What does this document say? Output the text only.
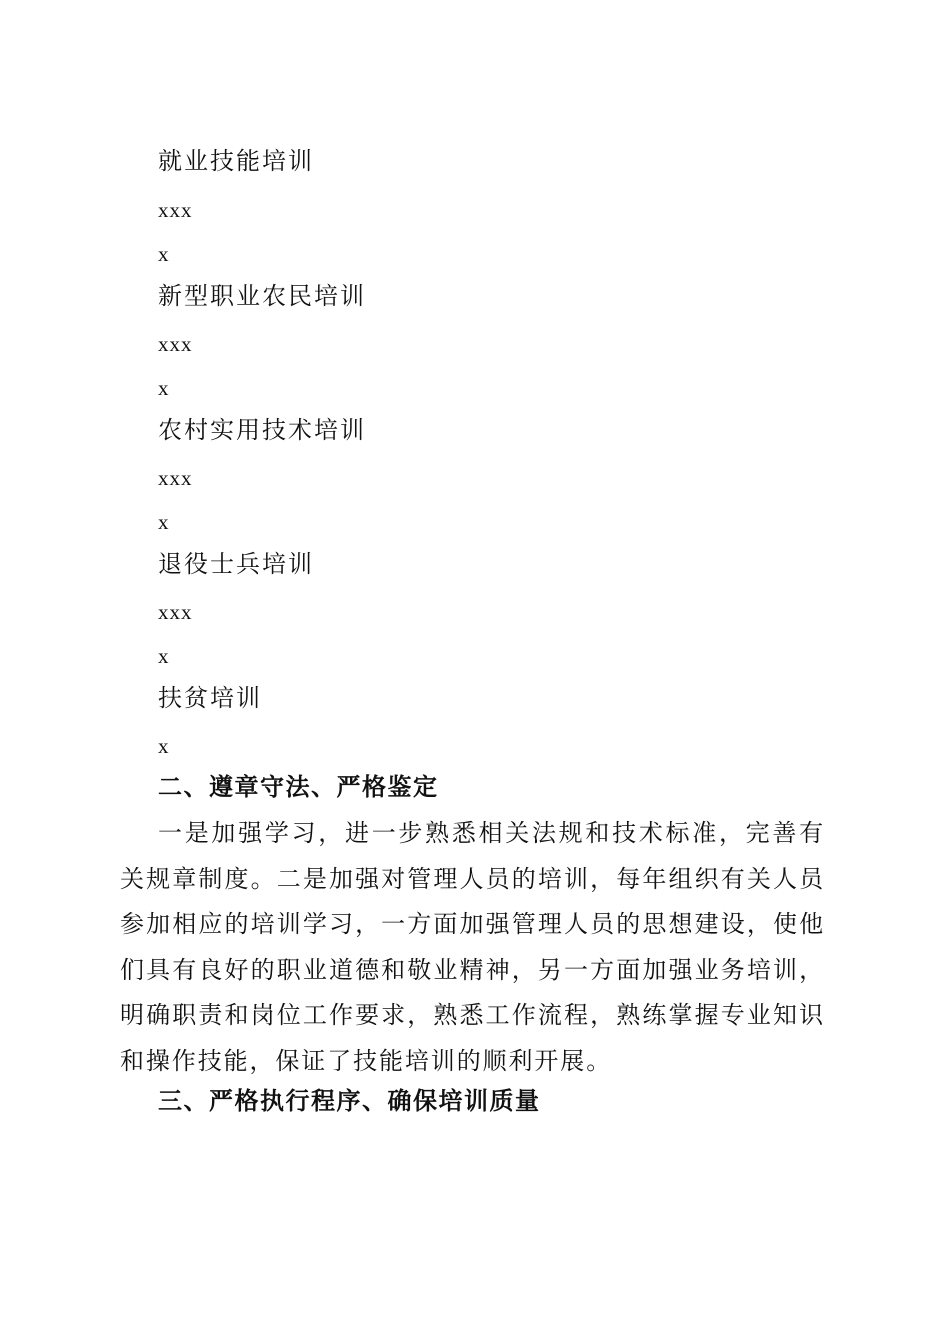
就业技能培训
xxx
x
新型职业农民培训
xxx
x
农村实用技术培训
xxx
x
退役士兵培训
xxx
x
扶贫培训
x
二、遵章守法、严格鉴定

一是加强学习，进一步熟悉相关法规和技术标准，完善有关规章制度。二是加强对管理人员的培训，每年组织有关人员参加相应的培训学习，一方面加强管理人员的思想建设，使他们具有良好的职业道德和敬业精神，另一方面加强业务培训，明确职责和岗位工作要求，熟悉工作流程，熟练掌握专业知识和操作技能，保证了技能培训的顺利开展。

三、严格执行程序、确保培训质量
